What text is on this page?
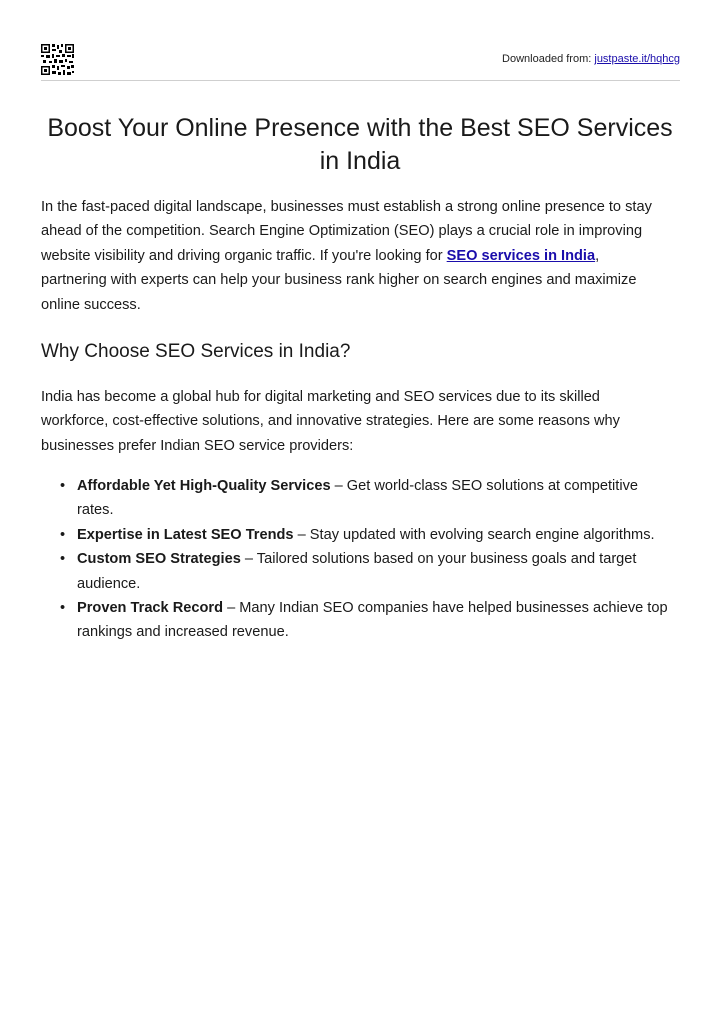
Downloaded from: justpaste.it/hqhcg
Boost Your Online Presence with the Best SEO Services in India

In the fast-paced digital landscape, businesses must establish a strong online presence to stay ahead of the competition. Search Engine Optimization (SEO) plays a crucial role in improving website visibility and driving organic traffic. If you're looking for SEO services in India, partnering with experts can help your business rank higher on search engines and maximize online success.

Why Choose SEO Services in India?

India has become a global hub for digital marketing and SEO services due to its skilled workforce, cost-effective solutions, and innovative strategies. Here are some reasons why businesses prefer Indian SEO service providers:

• Affordable Yet High-Quality Services – Get world-class SEO solutions at competitive rates.
• Expertise in Latest SEO Trends – Stay updated with evolving search engine algorithms.
• Custom SEO Strategies – Tailored solutions based on your business goals and target audience.
• Proven Track Record – Many Indian SEO companies have helped businesses achieve top rankings and increased revenue.
